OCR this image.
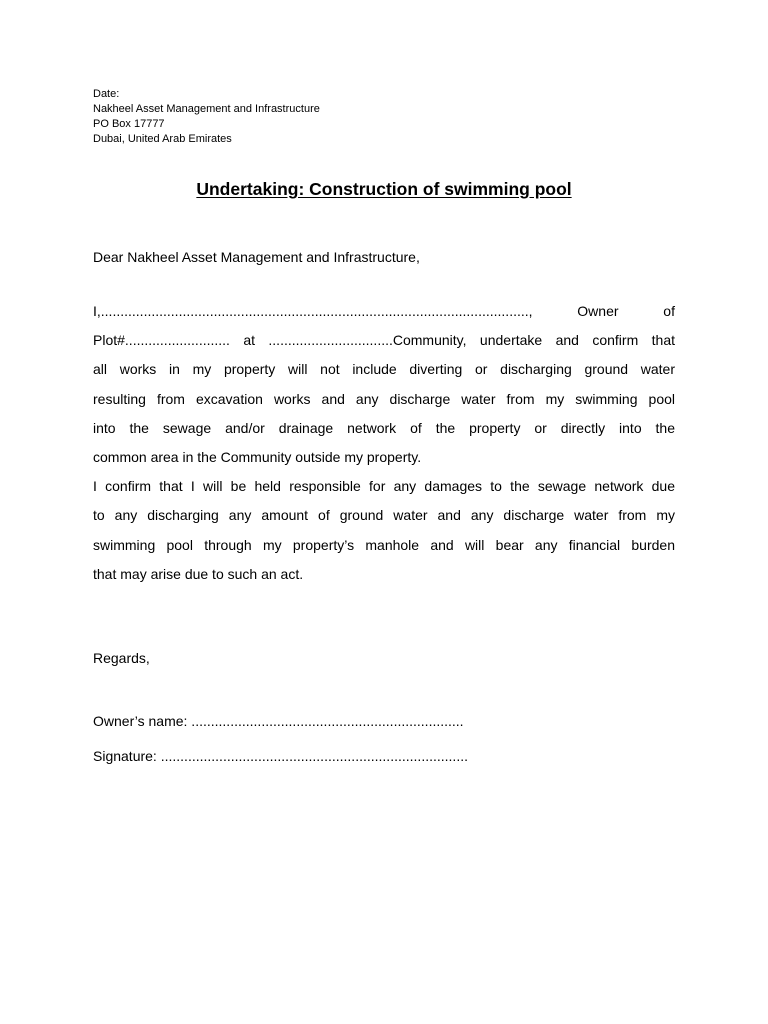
Date:
Nakheel Asset Management and Infrastructure
PO Box 17777
Dubai, United Arab Emirates
Undertaking: Construction of swimming pool
Dear Nakheel Asset Management and Infrastructure,
I,..............................................................................................................,	Owner	of
Plot#........................... at ................................Community, undertake and confirm that
all works in my property will not include diverting or discharging ground water
resulting from excavation works and any discharge water from my swimming pool
into the sewage and/or drainage network of the property or directly into the
common area in the Community outside my property.
I confirm that I will be held responsible for any damages to the sewage network due
to any discharging any amount of ground water and any discharge water from my
swimming pool through my property’s manhole and will bear any financial burden
that may arise due to such an act.
Regards,
Owner’s name: ......................................................................
Signature: ...............................................................................
